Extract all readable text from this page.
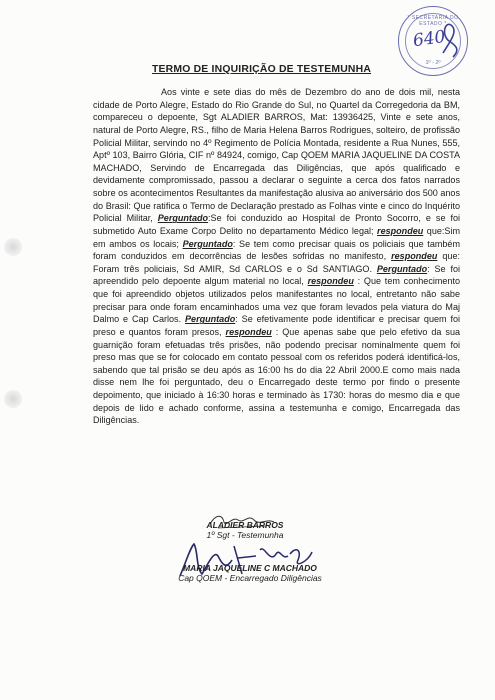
* SECRETARIA DO ESTADO *
640
1º - 2º
TERMO DE INQUIRIÇÃO DE TESTEMUNHA

Aos vinte e sete dias do mês de Dezembro do ano de dois mil, nesta cidade de Porto Alegre, Estado do Rio Grande do Sul, no Quartel da Corregedoria da BM, compareceu o depoente, Sgt ALADIER BARROS, Mat: 13936425, Vinte e sete anos, natural de Porto Alegre, RS., filho de Maria Helena Barros Rodrigues, solteiro, de profissão Policial Militar, servindo no 4º Regimento de Polícia Montada, residente a Rua Nunes, 555, Aptº 103, Bairro Glória, CIF nº 84924, comigo, Cap QOEM MARIA JAQUELINE DA COSTA MACHADO, Servindo de Encarregada das Diligências, que após qualificado e devidamente compromissado, passou a declarar o seguinte a cerca dos fatos narrados sobre os acontecimentos Resultantes da manifestação alusiva ao aniversário dos 500 anos do Brasil: Que ratifica o Termo de Declaração prestado as Folhas vinte e cinco do Inquérito Policial Militar, Perguntado:Se foi conduzido ao Hospital de Pronto Socorro, e se foi submetido Auto Exame Corpo Delito no departamento Médico legal; respondeu que:Sim em ambos os locais; Perguntado: Se tem como precisar quais os policiais que também foram conduzidos em decorrências de lesões sofridas no manifesto, respondeu que: Foram três policiais, Sd AMIR, Sd CARLOS e o Sd SANTIAGO. Perguntado: Se foi apreendido pelo depoente algum material no local, respondeu : Que tem conhecimento que foi apreendido objetos utilizados pelos manifestantes no local, entretanto não sabe precisar para onde foram encaminhados uma vez que foram levados pela viatura do Maj Dalmo e Cap Carlos. Perguntado: Se efetivamente pode identificar e precisar quem foi preso e quantos foram presos, respondeu : Que apenas sabe que pelo efetivo da sua guarnição foram efetuadas três prisões, não podendo precisar nominalmente quem foi preso mas que se for colocado em contato pessoal com os referidos poderá identificá-los, sabendo que tal prisão se deu após as 16:00 hs do dia 22 Abril 2000.E como mais nada disse nem lhe foi perguntado, deu o Encarregado deste termo por findo o presente depoimento, que iniciado à 16:30 horas e terminado às 1730: horas do mesmo dia e que depois de lido e achado conforme, assina a testemunha e comigo, Encarregada das Diligências.

ALADIER BARROS
1º Sgt - Testemunha
MARIA JAQUELINE C MACHADO
Cap QOEM - Encarregado Diligências
